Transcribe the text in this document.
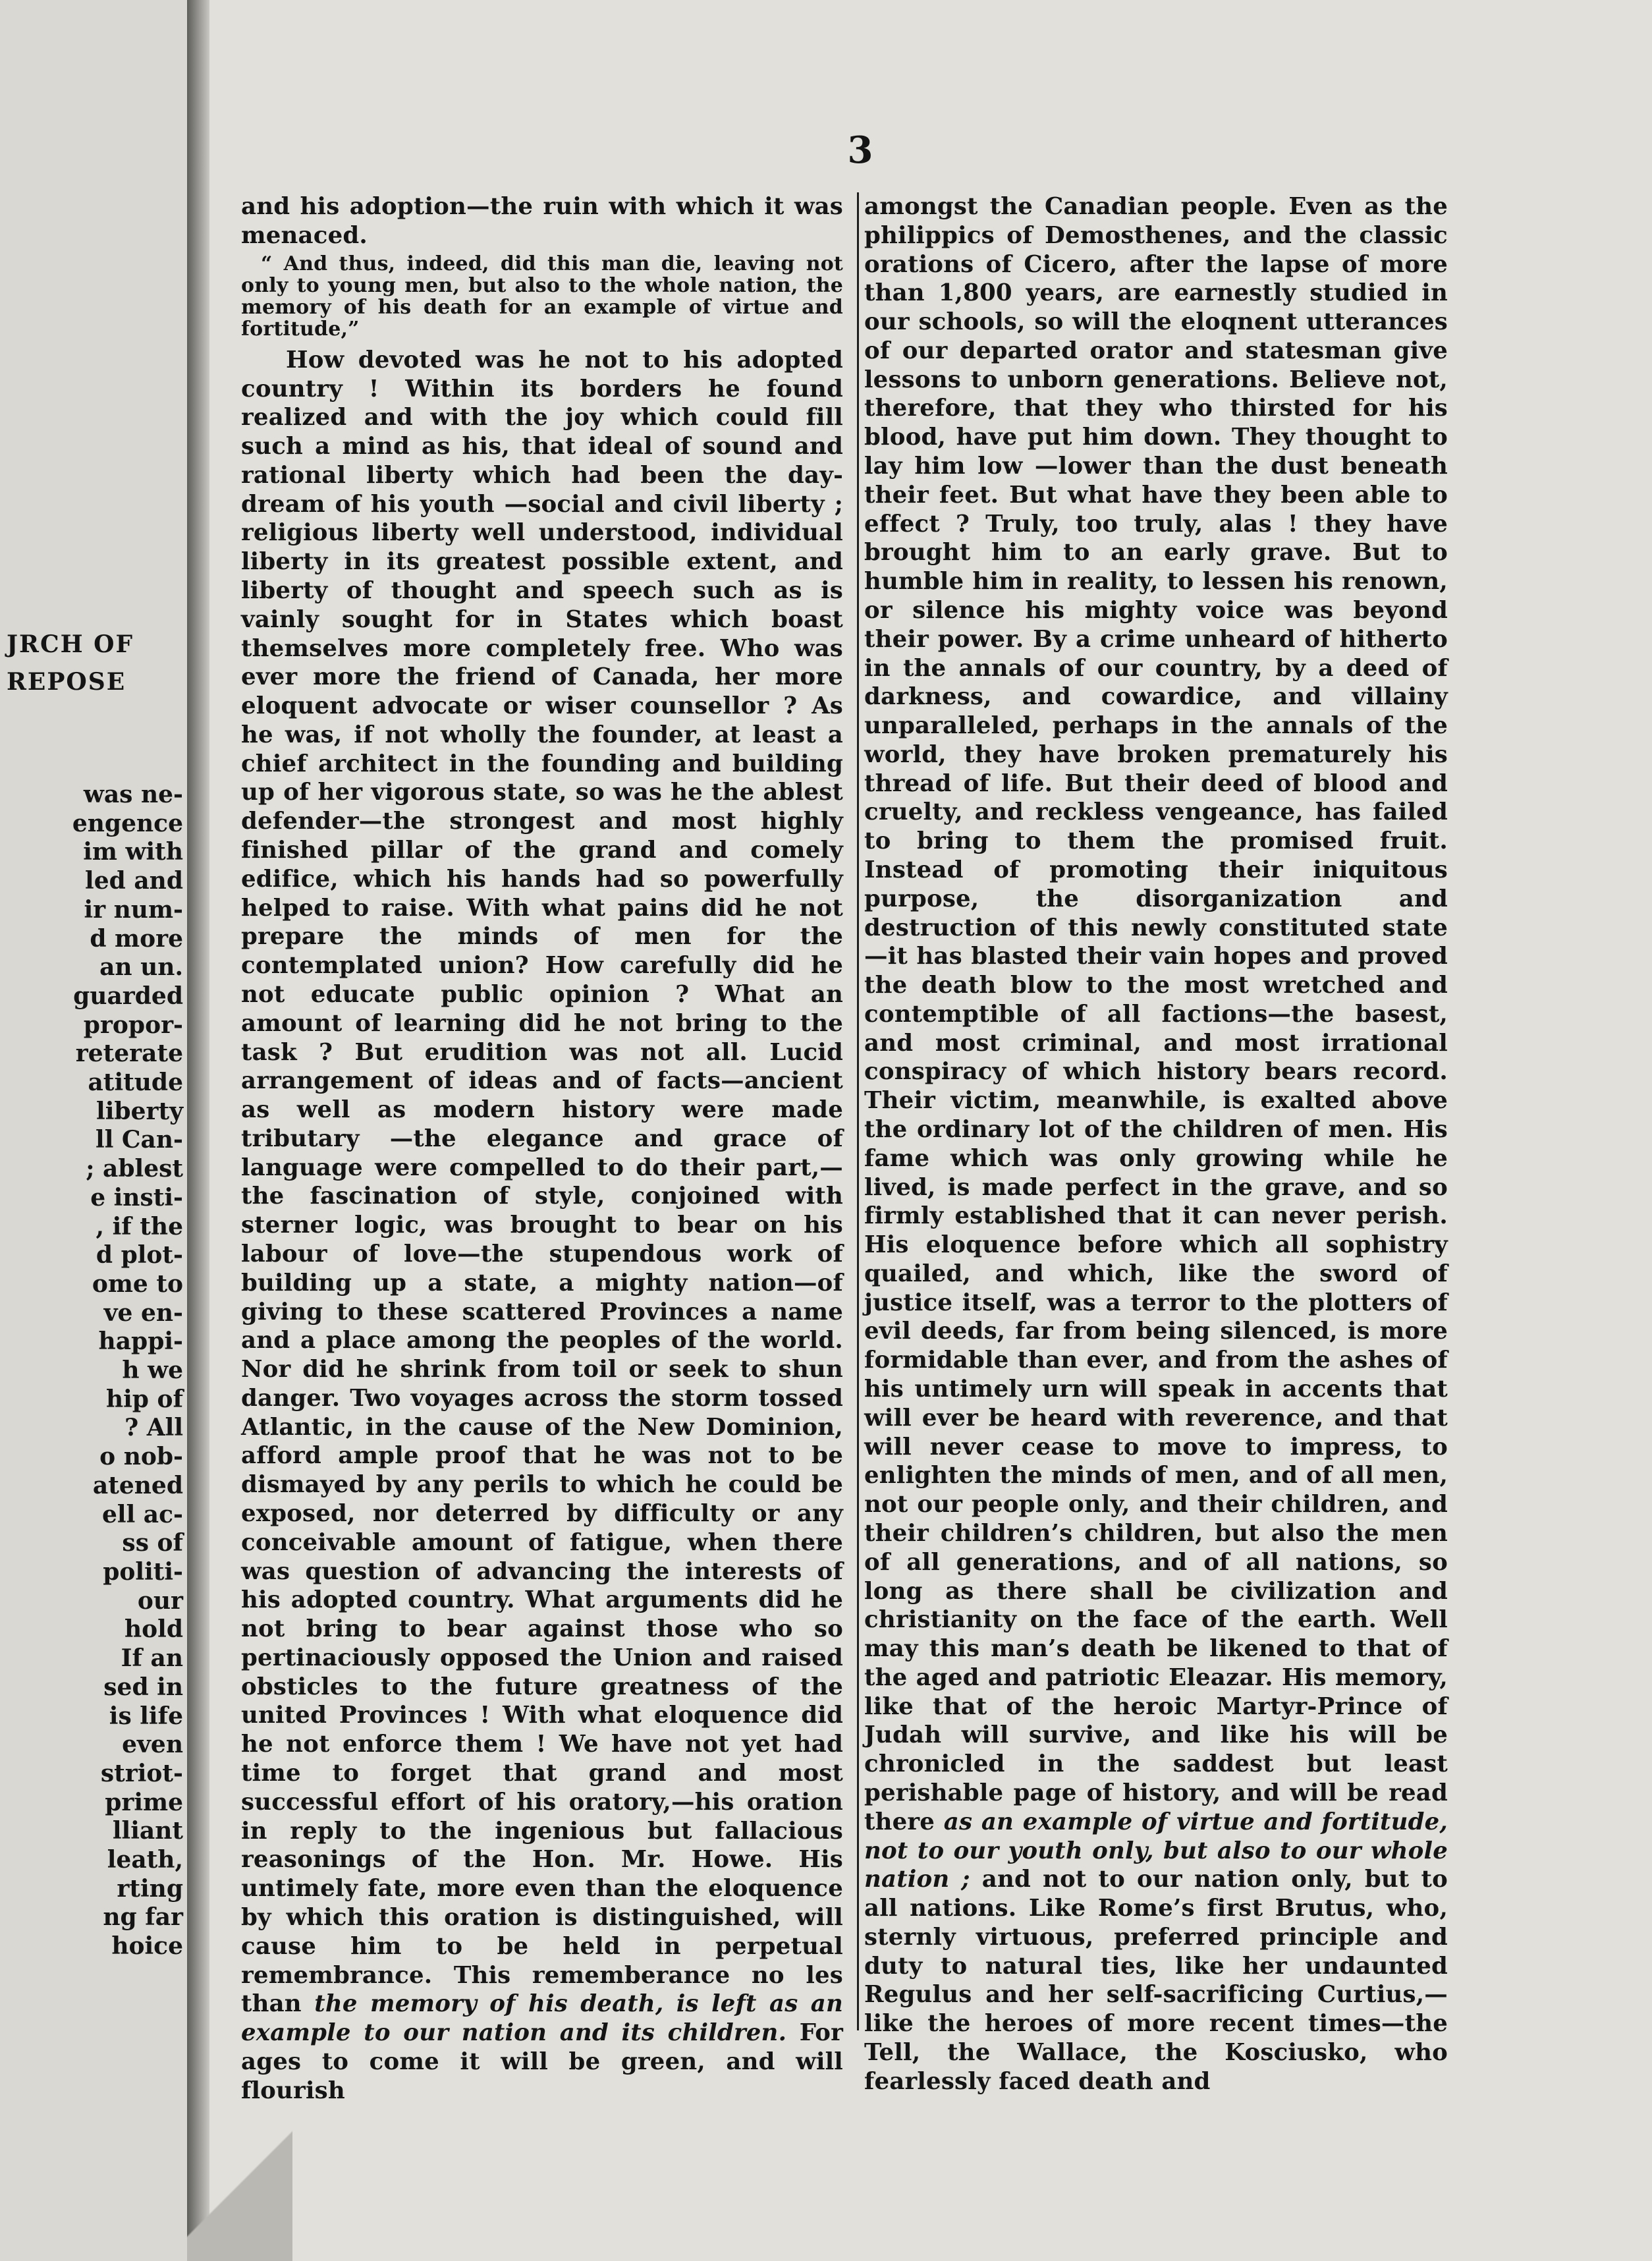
JRCH OF
REPOSE
was ne-
engence
im with
led and
ir num-
d more
an un.
guarded
propor-
reterate
atitude
liberty
ll Can-
; ablest
e insti-
, if the
d plot-
ome to
ve en-
happi-
h we
hip of
? All
o nob-
atened
ell ac-
ss of
politi-
our
hold
If an
sed in
is life
even
striot-
prime
lliant
leath,
rting
ng far
hoice
3

and his adoption—the ruin with which it was menaced.

“ And thus, indeed, did this man die, leaving not only to young men, but also to the whole nation, the memory of his death for an example of virtue and fortitude,”

How devoted was he not to his adopted country ! Within its borders he found realized and with the joy which could fill such a mind as his, that ideal of sound and rational liberty which had been the day-dream of his youth —social and civil liberty ; religious liberty well understood, individual liberty in its greatest possible extent, and liberty of thought and speech such as is vainly sought for in States which boast themselves more completely free. Who was ever more the friend of Canada, her more eloquent advocate or wiser counsellor ? As he was, if not wholly the founder, at least a chief architect in the founding and building up of her vigorous state, so was he the ablest defender—the strongest and most highly finished pillar of the grand and comely edifice, which his hands had so powerfully helped to raise. With what pains did he not prepare the minds of men for the contemplated union? How carefully did he not educate public opinion ? What an amount of learning did he not bring to the task ? But erudition was not all. Lucid arrangement of ideas and of facts—ancient as well as modern history were made tributary —the elegance and grace of language were compelled to do their part,—the fascination of style, conjoined with sterner logic, was brought to bear on his labour of love—the stupendous work of building up a state, a mighty nation—of giving to these scattered Provinces a name and a place among the peoples of the world. Nor did he shrink from toil or seek to shun danger. Two voyages across the storm tossed Atlantic, in the cause of the New Dominion, afford ample proof that he was not to be dismayed by any perils to which he could be exposed, nor deterred by difficulty or any conceivable amount of fatigue, when there was question of advancing the interests of his adopted country. What arguments did he not bring to bear against those who so pertinaciously opposed the Union and raised obsticles to the future greatness of the united Provinces ! With what eloquence did he not enforce them ! We have not yet had time to forget that grand and most successful effort of his oratory,—his oration in reply to the ingenious but fallacious reasonings of the Hon. Mr. Howe. His untimely fate, more even than the eloquence by which this oration is distinguished, will cause him to be held in perpetual remembrance. This rememberance no les than the memory of his death, is left as an example to our nation and its children. For ages to come it will be green, and will flourish

amongst the Canadian people. Even as the philippics of Demosthenes, and the classic orations of Cicero, after the lapse of more than 1,800 years, are earnestly studied in our schools, so will the eloqnent utterances of our departed orator and statesman give lessons to unborn generations. Believe not, therefore, that they who thirsted for his blood, have put him down. They thought to lay him low —lower than the dust beneath their feet. But what have they been able to effect ? Truly, too truly, alas ! they have brought him to an early grave. But to humble him in reality, to lessen his renown, or silence his mighty voice was beyond their power. By a crime unheard of hitherto in the annals of our country, by a deed of darkness, and cowardice, and villainy unparalleled, perhaps in the annals of the world, they have broken prematurely his thread of life. But their deed of blood and cruelty, and reckless vengeance, has failed to bring to them the promised fruit. Instead of promoting their iniquitous purpose, the disorganization and destruction of this newly constituted state—it has blasted their vain hopes and proved the death blow to the most wretched and contemptible of all factions—the basest, and most criminal, and most irrational conspiracy of which history bears record. Their victim, meanwhile, is exalted above the ordinary lot of the children of men. His fame which was only growing while he lived, is made perfect in the grave, and so firmly established that it can never perish. His eloquence before which all sophistry quailed, and which, like the sword of justice itself, was a terror to the plotters of evil deeds, far from being silenced, is more formidable than ever, and from the ashes of his untimely urn will speak in accents that will ever be heard with reverence, and that will never cease to move to impress, to enlighten the minds of men, and of all men, not our people only, and their children, and their children’s children, but also the men of all generations, and of all nations, so long as there shall be civilization and christianity on the face of the earth. Well may this man’s death be likened to that of the aged and patriotic Eleazar. His memory, like that of the heroic Martyr-Prince of Judah will survive, and like his will be chronicled in the saddest but least perishable page of history, and will be read there as an example of virtue and fortitude, not to our youth only, but also to our whole nation ; and not to our nation only, but to all nations. Like Rome’s first Brutus, who, sternly virtuous, preferred principle and duty to natural ties, like her undaunted Regulus and her self-sacrificing Curtius,—like the heroes of more recent times—the Tell, the Wallace, the Kosciusko, who fearlessly faced death and
